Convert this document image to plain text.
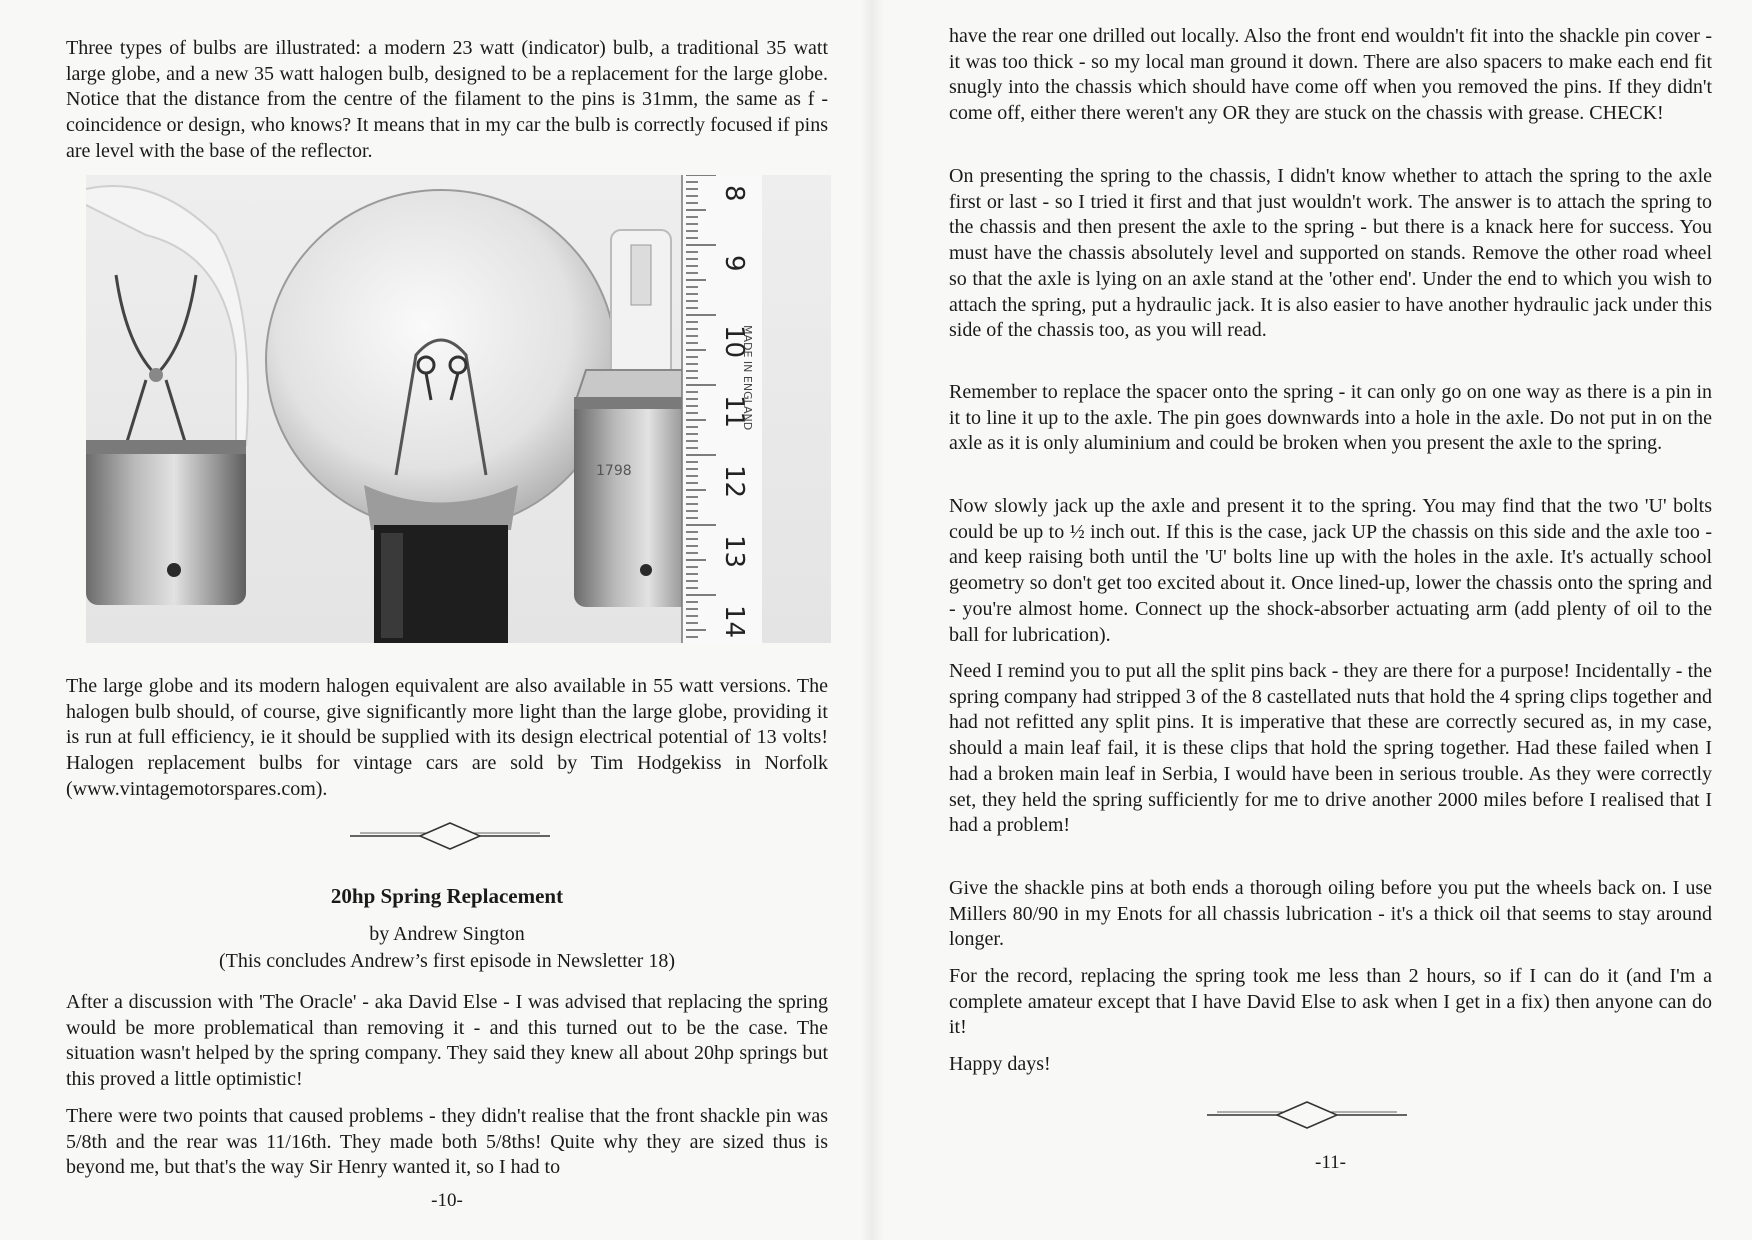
Three types of bulbs are illustrated: a modern 23 watt (indicator) bulb, a traditional 35 watt large globe, and a new 35 watt halogen bulb, designed to be a replacement for the large globe. Notice that the distance from the centre of the filament to the pins is 31mm, the same as f - coincidence or design, who knows? It means that in my car the bulb is correctly focused if pins are level with the base of the reflector.

1798
8
9
10
11
12
13
14
MADE IN ENGLAND

The large globe and its modern halogen equivalent are also available in 55 watt versions. The halogen bulb should, of course, give significantly more light than the large globe, providing it is run at full efficiency, ie it should be supplied with its design electrical potential of 13 volts! Halogen replacement bulbs for vintage cars are sold by Tim Hodgekiss in Norfolk (www.vintagemotorspares.com).

20hp Spring Replacement
by Andrew Sington
(This concludes Andrew’s first episode in Newsletter 18)

After a discussion with 'The Oracle' - aka David Else - I was advised that replacing the spring would be more problematical than removing it - and this turned out to be the case. The situation wasn't helped by the spring company. They said they knew all about 20hp springs but this proved a little optimistic!

There were two points that caused problems - they didn't realise that the front shackle pin was 5/8th and the rear was 11/16th. They made both 5/8ths! Quite why they are sized thus is beyond me, but that's the way Sir Henry wanted it, so I had to

-10-

have the rear one drilled out locally. Also the front end wouldn't fit into the shackle pin cover - it was too thick - so my local man ground it down. There are also spacers to make each end fit snugly into the chassis which should have come off when you removed the pins. If they didn't come off, either there weren't any OR they are stuck on the chassis with grease. CHECK!

On presenting the spring to the chassis, I didn't know whether to attach the spring to the axle first or last - so I tried it first and that just wouldn't work. The answer is to attach the spring to the chassis and then present the axle to the spring - but there is a knack here for success. You must have the chassis absolutely level and supported on stands. Remove the other road wheel so that the axle is lying on an axle stand at the 'other end'. Under the end to which you wish to attach the spring, put a hydraulic jack. It is also easier to have another hydraulic jack under this side of the chassis too, as you will read.

Remember to replace the spacer onto the spring - it can only go on one way as there is a pin in it to line it up to the axle. The pin goes downwards into a hole in the axle. Do not put in on the axle as it is only aluminium and could be broken when you present the axle to the spring.

Now slowly jack up the axle and present it to the spring. You may find that the two 'U' bolts could be up to ½ inch out. If this is the case, jack UP the chassis on this side and the axle too - and keep raising both until the 'U' bolts line up with the holes in the axle. It's actually school geometry so don't get too excited about it. Once lined-up, lower the chassis onto the spring and - you're almost home. Connect up the shock-absorber actuating arm (add plenty of oil to the ball for lubrication).

Need I remind you to put all the split pins back - they are there for a purpose! Incidentally - the spring company had stripped 3 of the 8 castellated nuts that hold the 4 spring clips together and had not refitted any split pins. It is imperative that these are correctly secured as, in my case, should a main leaf fail, it is these clips that hold the spring together. Had these failed when I had a broken main leaf in Serbia, I would have been in serious trouble. As they were correctly set, they held the spring sufficiently for me to drive another 2000 miles before I realised that I had a problem!

Give the shackle pins at both ends a thorough oiling before you put the wheels back on. I use Millers 80/90 in my Enots for all chassis lubrication - it's a thick oil that seems to stay around longer.

For the record, replacing the spring took me less than 2 hours, so if I can do it (and I'm a complete amateur except that I have David Else to ask when I get in a fix) then anyone can do it!

Happy days!

-11-
